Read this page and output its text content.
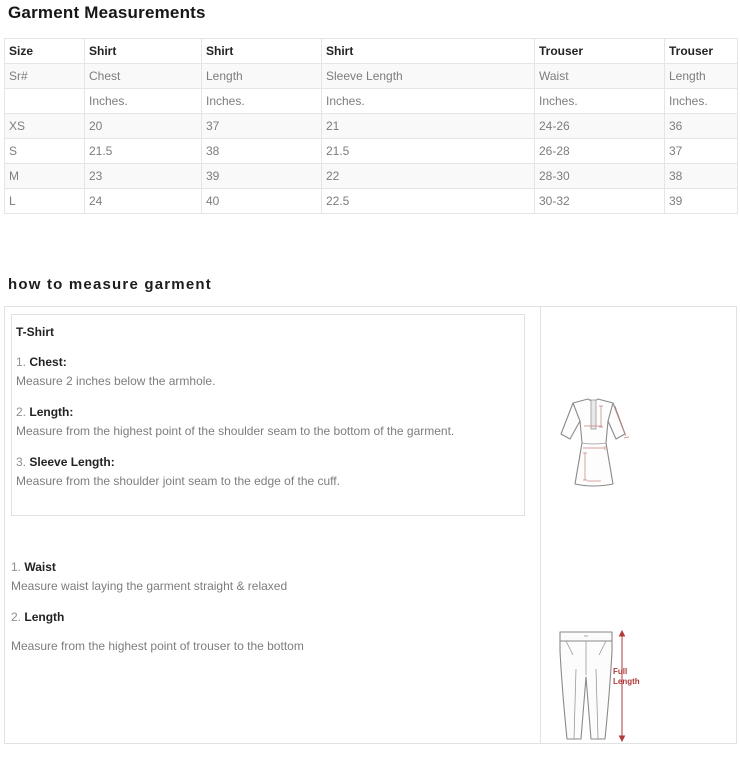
Garment Measurements
Size	Shirt	Shirt	Shirt	Trouser	Trouser
Sr#	Chest	Length	Sleeve Length	Waist	Length
	Inches.	Inches.	Inches.	Inches.	Inches.
XS	20	37	21	24-26	36
S	21.5	38	21.5	26-28	37
M	23	39	22	28-30	38
L	24	40	22.5	30-32	39
how to measure garment
T-Shirt
1. Chest:
Measure 2 inches below the armhole.
2. Length:
Measure from the highest point of the shoulder seam to the bottom of the garment.
3. Sleeve Length:
Measure from the shoulder joint seam to the edge of the cuff.
1. Waist
Measure waist laying the garment straight & relaxed
2. Length
Measure from the highest point of trouser to the bottom
Full Length
